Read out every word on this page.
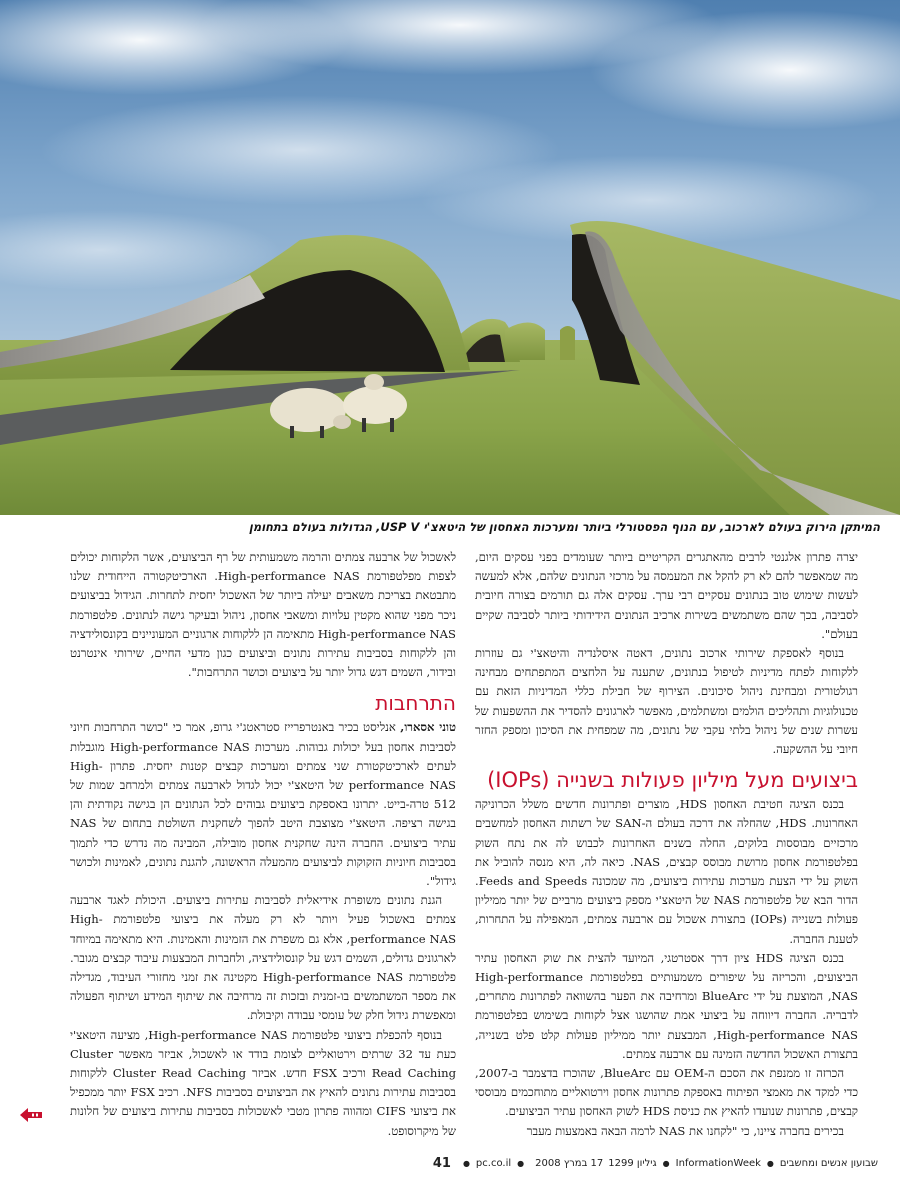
המיתקן הירוק בעולם לארכוב, עם הנוף הפסטורלי ביותר ומערכות האחסון של היטאצ'י USP V, הגדולות בעולם בתחומן

יצרה פתרון אלגנטי לרבים מהאתגרים הקריטיים ביותר שעומדים בפני עסקים היום, מה שמאפשר להם לא רק להקל את המעמסה על מרכזי הנתונים שלהם, אלא למעשה לעשות שימוש טוב בנתונים עסקיים רבי ערך. עסקים אלה גם תורמים בצורה חיובית לסביבה, בכך שהם משתמשים בשירות ארכיב הנתונים הידידותי ביותר לסביבה שקיים בעולם".

בנוסף לאספקת שירותי ארכוב נתונים, דאטה איסלנדיה והיטאצ'י גם עוזרות ללקוחות לפתח מדיניות לטיפול בנתונים, שתענה על הלחצים המתפתחים מבחינה רגולטורית ומבחינת ניהול סיכונים. הצירוף של חבילת כללי המדיניות הזאת עם טכנולוגיות ותהליכים הולמים ומשתלמים, מאפשר לארגונים להסדיר את ההשפעות של עשרות שנים של ניהול בלתי עקבי של נתונים, מה שמפחית את הסיכון ומספק החזר חיובי על ההשקעה.

ביצועים מעל מיליון פעולות בשנייה (IOPs)

בכנס הציגה חטיבת האחסון HDS, מוצרים ופתרונות חדשים משלל הכרוניקה האחרונות. HDS, שהחלה את דרכה בעולם ה-SAN של רשתות האחסון למחשבים מרכזיים מבוססות בלוקים, החלה בשנים האחרונות לכבוש לה את נתח השוק בפלטפורמת אחסון מרושת מבוסס קבצים, NAS. כיאה לה, היא מנסה להוביל את השוק על ידי הצעת מערכות עתירות ביצועים, מה שמכונה Feeds and Speeds. הדור הבא של פלטפורמת NAS של היטאצ'י מספק ביצועים מרביים של יותר ממיליון פעולות בשנייה (IOPs) בתצורת אשכול עם ארבעה צמתים, המאפילה על התחרות, לטענת החברה.

בכנס הציגה HDS ציון דרך אסטרטגי, המיועד להצית את שוק האחסון עתיר הביצועים, והכריזה על שיפורים משמעותיים בפלטפורמת High-performance NAS, המוצעת על ידי BlueArc ומרחיבה את הפער בהשוואה לפתרונות מתחרים, לדבריה. החברה דיווחה על ביצועי אמת שהושגו אצל לקוחות בשימוש בפלטפורמת High-performance NAS, המבצעת יותר ממיליון פעולות קלט פלט בשנייה, בתצורת האשכול החדשה הזמינה עם ארבעה צמתים.

הכרזה זו ממנפת את הסכם ה-OEM עם BlueArc, שהוכרז בדצמבר ב-2007, כדי למקד את מאמצי הפיתוח באספקת פתרונות אחסון וירטואליים מתוחכמים מבוססי קבצים, פתרונות שנועדו להאיץ את כניסת HDS לשוק האחסון עתיר הביצועים.

בכירים בחברה ציינו, כי "לקחנו את NAS לרמה הבאה באמצעות מעבר

לאשכול של ארבעה צמתים והרמה משמעותית של רף הביצועים, אשר הלקוחות יכולים לצפות מפלטפורמת High-performance NAS. הארכיטקטורה הייחודית שלנו מתבטאת בצריכת משאבים יעילה ביותר של האשכול יחסית לתחרות. הגידול בביצועים ניכר מפני שהוא מקטין עלויות ומשאבי אחסון, ניהול ובעיקר גישה לנתונים. פלטפורמת High-performance NAS מתאימה הן ללקוחות ארגוניים המעוניינים בקונסולידציה והן ללקוחות בסביבות עתירות נתונים וביצועים כגון מדעי החיים, שירותי אינטרנט ובידור, השמים דגש גדול יותר על ביצועים וכושר התרחבות".

התרחבות

טוני אסארו, אנליסט בכיר באנטרפרייז סטראטג'י גרופ, אמר כי "כושר התרחבות חיוני לסביבות אחסון בעל יכולות גבוהות. מערכות High-performance NAS מוגבלות לעתים לארכיטקטורת שני צמתים ומערכות קבצים קטנות יחסית. פתרון High-performance NAS של היטאצ'י יכול לגדול לארבעה צמתים ולמרחב שמות של 512 טרה-בייט. יתרונו באספקת ביצועים גבוהים לכל הנתונים הן בגישה נקודתית והן בגישה רציפה. היטאצ'י מצוצבת היטב להפוך לשחקנית השולטת בתחום של NAS עתיר ביצועים. החברה הינה שחקנית אחסון מובילה, המבינה מה נדרש כדי לתמוך בסביבות חיוניות הזקוקות לביצועים מהמעלה הראשונה, להגנת נתונים, לאמינות ולכושר גידול".

הגנת נתונים משופרת אידיאלית לסביבות עתירות ביצועים. היכולת לאגד ארבעה צמתים באשכול פעיל ויותר לא רק מעלה את ביצועי פלטפורמת High-performance NAS, אלא גם משפרת את הזמינות והאמינות. היא מתאימה במיוחד לארגונים גדולים, השמים דגש על קונסולידציה, ולחברות המבצעות עיבוד קבצים מגובר. פלטפורמת High-performance NAS מקטינה את זמני מחזורי העיבוד, מגדילה את מספר המשתמשים בו-זמנית ובזכות זה מרחיבה את שיתוף המידע ושיתוף הפעולה ומאפשרת גידול חלק של עומסי עבודה וקיבולת.

בנוסף להכפלת ביצועי פלטפורמת High-performance NAS, מציעה היטאצ'י כעת עד 32 שרתים וירטואליים לצומת בודד או לאשכול, אביזר מאפשר Cluster Read Caching ורכיב FSX חדש. אביזר Cluster Read Caching ללקוחות בסביבות עתירות נתונים להאיץ את הביצועים בסביבות NFS. רכיב FSX יותר ממכפיל את ביצועי CIFS ומהווה פתרון מטבי לאשכולות בסביבות עתירות ביצועים של חלונות של מיקרוסופט.

שבועון אנשים ומחשבים
●
InformationWeek
●
גיליון 1299
17 במרץ 2008
●
pc.co.il
●
41
